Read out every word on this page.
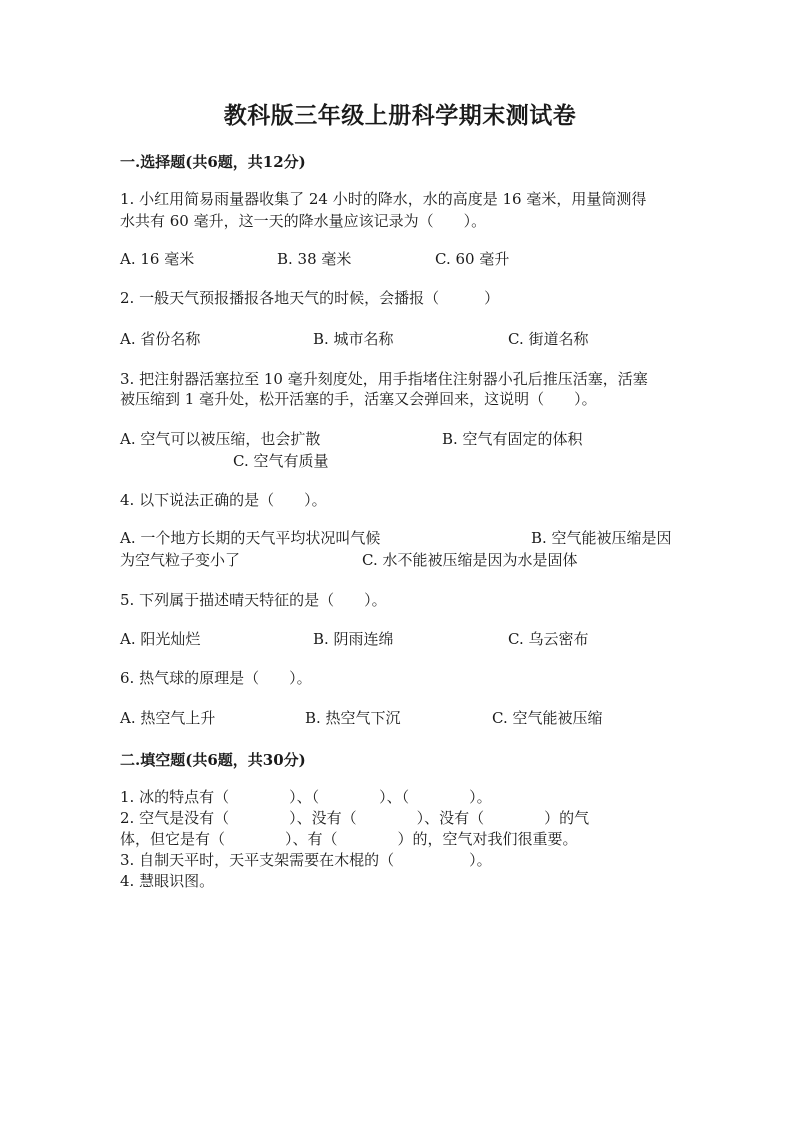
教科版三年级上册科学期末测试卷
一.选择题(共6题，共12分)
1. 小红用简易雨量器收集了 24 小时的降水，水的高度是 16 毫米，用量筒测得
水共有 60 毫升，这一天的降水量应该记录为（　　）。
A. 16 毫米	B. 38 毫米	C. 60 毫升
2. 一般天气预报播报各地天气的时候，会播报（　　　）
A. 省份名称	B. 城市名称	C. 街道名称
3. 把注射器活塞拉至 10 毫升刻度处，用手指堵住注射器小孔后推压活塞，活塞
被压缩到 1 毫升处，松开活塞的手，活塞又会弹回来，这说明（　　）。
A. 空气可以被压缩，也会扩散	B. 空气有固定的体积
C. 空气有质量
4. 以下说法正确的是（　　）。
A. 一个地方长期的天气平均状况叫气候	B. 空气能被压缩是因
为空气粒子变小了	C. 水不能被压缩是因为水是固体
5. 下列属于描述晴天特征的是（　　）。
A. 阳光灿烂	B. 阴雨连绵	C. 乌云密布
6. 热气球的原理是（　　）。
A. 热空气上升	B. 热空气下沉	C. 空气能被压缩
二.填空题(共6题，共30分)
1. 冰的特点有（　　　　）、（　　　　）、（　　　　）。
2. 空气是没有（　　　　）、没有（　　　　）、没有（　　　　）的气
体，但它是有（　　　　）、有（　　　　）的，空气对我们很重要。
3. 自制天平时，天平支架需要在木棍的（　　　　　）。
4. 慧眼识图。
